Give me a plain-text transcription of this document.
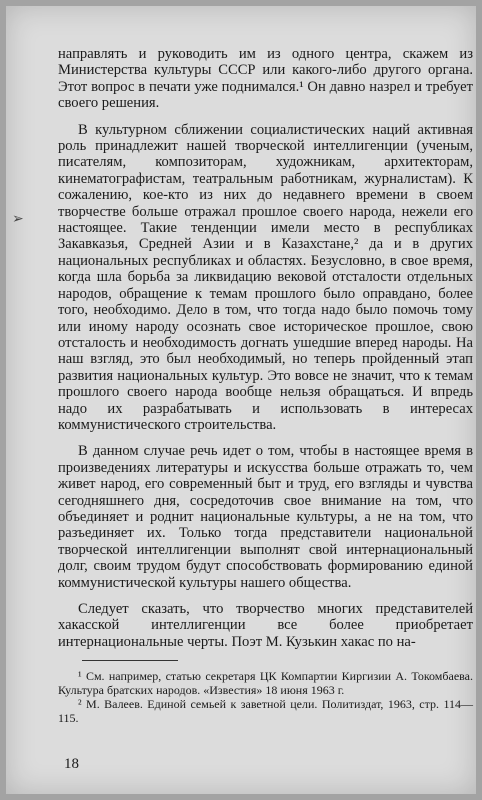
➢

направлять и руководить им из одного центра, скажем из Министерства культуры СССР или какого-либо другого органа. Этот вопрос в печати уже поднимался.¹ Он давно назрел и требует своего решения.

В культурном сближении социалистических наций активная роль принадлежит нашей творческой интеллигенции (ученым, писателям, композиторам, художникам, архитекторам, кинематографистам, театральным работникам, журналистам). К сожалению, кое-кто из них до недавнего времени в своем творчестве больше отражал прошлое своего народа, нежели его настоящее. Такие тенденции имели место в республиках Закавказья, Средней Азии и в Казахстане,² да и в других национальных республиках и областях. Безусловно, в свое время, когда шла борьба за ликвидацию вековой отсталости отдельных народов, обращение к темам прошлого было оправдано, более того, необходимо. Дело в том, что тогда надо было помочь тому или иному народу осознать свое историческое прошлое, свою отсталость и необходимость догнать ушедшие вперед народы. На наш взгляд, это был необходимый, но теперь пройденный этап развития национальных культур. Это вовсе не значит, что к темам прошлого своего народа вообще нельзя обращаться. И впредь надо их разрабатывать и использовать в интересах коммунистического строительства.

В данном случае речь идет о том, чтобы в настоящее время в произведениях литературы и искусства больше отражать то, чем живет народ, его современный быт и труд, его взгляды и чувства сегодняшнего дня, сосредоточив свое внимание на том, что объединяет и роднит национальные культуры, а не на том, что разъединяет их. Только тогда представители национальной творческой интеллигенции выполнят свой интернациональный долг, своим трудом будут способствовать формированию единой коммунистической культуры нашего общества.

Следует сказать, что творчество многих представителей хакасской интеллигенции все более приобретает интернациональные черты. Поэт М. Кузькин хакас по на-

¹ См. например, статью секретаря ЦК Компартии Киргизии А. Токомбаева. Культура братских народов. «Известия» 18 июня 1963 г.

² М. Валеев. Единой семьей к заветной цели. Политиздат, 1963, стр. 114—115.

18
